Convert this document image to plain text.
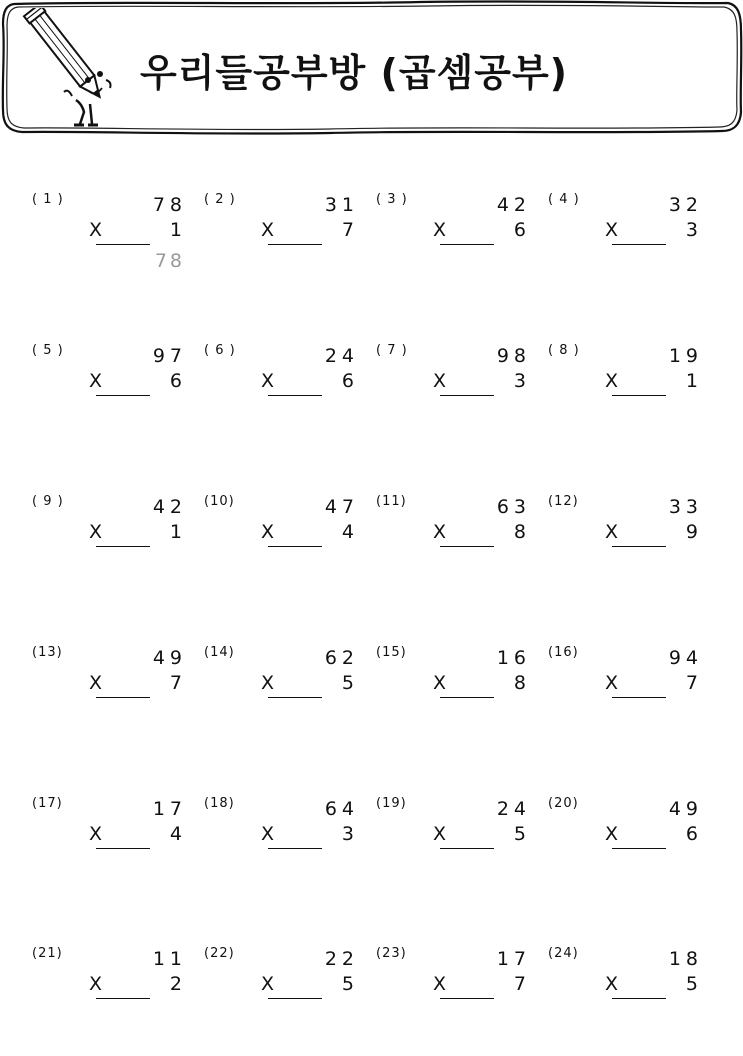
우리들공부방 (곱셈공부)
( 1 )	78
X	1
78
( 2 )	31
X	7
( 3 )	42
X	6
( 4 )	32
X	3
( 5 )	97
X	6
( 6 )	24
X	6
( 7 )	98
X	3
( 8 )	19
X	1
( 9 )	42
X	1
(10)	47
X	4
(11)	63
X	8
(12)	33
X	9
(13)	49
X	7
(14)	62
X	5
(15)	16
X	8
(16)	94
X	7
(17)	17
X	4
(18)	64
X	3
(19)	24
X	5
(20)	49
X	6
(21)	11
X	2
(22)	22
X	5
(23)	17
X	7
(24)	18
X	5
